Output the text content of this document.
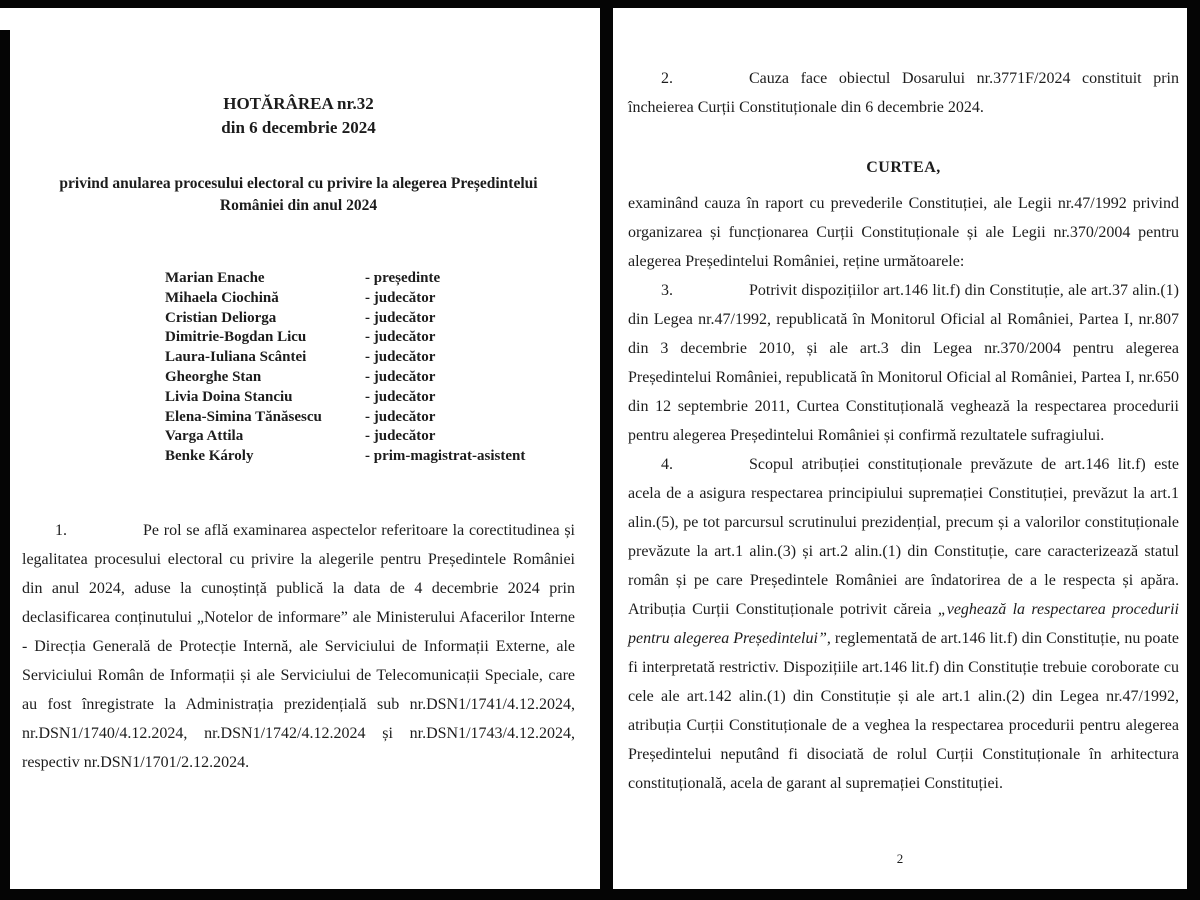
HOTĂRÂREA nr.32
din 6 decembrie 2024
privind anularea procesului electoral cu privire la alegerea Președintelui României din anul 2024
Marian Enache	- președinte
Mihaela Ciochină	- judecător
Cristian Deliorga	- judecător
Dimitrie-Bogdan Licu	- judecător
Laura-Iuliana Scântei	- judecător
Gheorghe Stan	- judecător
Livia Doina Stanciu	- judecător
Elena-Simina Tănăsescu	- judecător
Varga Attila	- judecător
Benke Károly	- prim-magistrat-asistent

1.	Pe rol se află examinarea aspectelor referitoare la corectitudinea și legalitatea procesului electoral cu privire la alegerile pentru Președintele României din anul 2024, aduse la cunoștință publică la data de 4 decembrie 2024 prin declasificarea conținutului „Notelor de informare” ale Ministerului Afacerilor Interne - Direcția Generală de Protecție Internă, ale Serviciului de Informații Externe, ale Serviciului Român de Informații și ale Serviciului de Telecomunicații Speciale, care au fost înregistrate la Administrația prezidențială sub nr.DSN1/1741/4.12.2024, nr.DSN1/1740/4.12.2024, nr.DSN1/1742/4.12.2024 și nr.DSN1/1743/4.12.2024, respectiv nr.DSN1/1701/2.12.2024.

2.	Cauza face obiectul Dosarului nr.3771F/2024 constituit prin încheierea Curții Constituționale din 6 decembrie 2024.

CURTEA,

examinând cauza în raport cu prevederile Constituției, ale Legii nr.47/1992 privind organizarea și funcționarea Curții Constituționale și ale Legii nr.370/2004 pentru alegerea Președintelui României, reține următoarele:

3.	Potrivit dispozițiilor art.146 lit.f) din Constituție, ale art.37 alin.(1) din Legea nr.47/1992, republicată în Monitorul Oficial al României, Partea I, nr.807 din 3 decembrie 2010, și ale art.3 din Legea nr.370/2004 pentru alegerea Președintelui României, republicată în Monitorul Oficial al României, Partea I, nr.650 din 12 septembrie 2011, Curtea Constituțională veghează la respectarea procedurii pentru alegerea Președintelui României și confirmă rezultatele sufragiului.

4.	Scopul atribuției constituționale prevăzute de art.146 lit.f) este acela de a asigura respectarea principiului supremației Constituției, prevăzut la art.1 alin.(5), pe tot parcursul scrutinului prezidențial, precum și a valorilor constituționale prevăzute la art.1 alin.(3) și art.2 alin.(1) din Constituție, care caracterizează statul român și pe care Președintele României are îndatorirea de a le respecta și apăra. Atribuția Curții Constituționale potrivit căreia „veghează la respectarea procedurii pentru alegerea Președintelui”, reglementată de art.146 lit.f) din Constituție, nu poate fi interpretată restrictiv. Dispozițiile art.146 lit.f) din Constituție trebuie coroborate cu cele ale art.142 alin.(1) din Constituție și ale art.1 alin.(2) din Legea nr.47/1992, atribuția Curții Constituționale de a veghea la respectarea procedurii pentru alegerea Președintelui neputând fi disociată de rolul Curții Constituționale în arhitectura constituțională, acela de garant al supremației Constituției.

2
